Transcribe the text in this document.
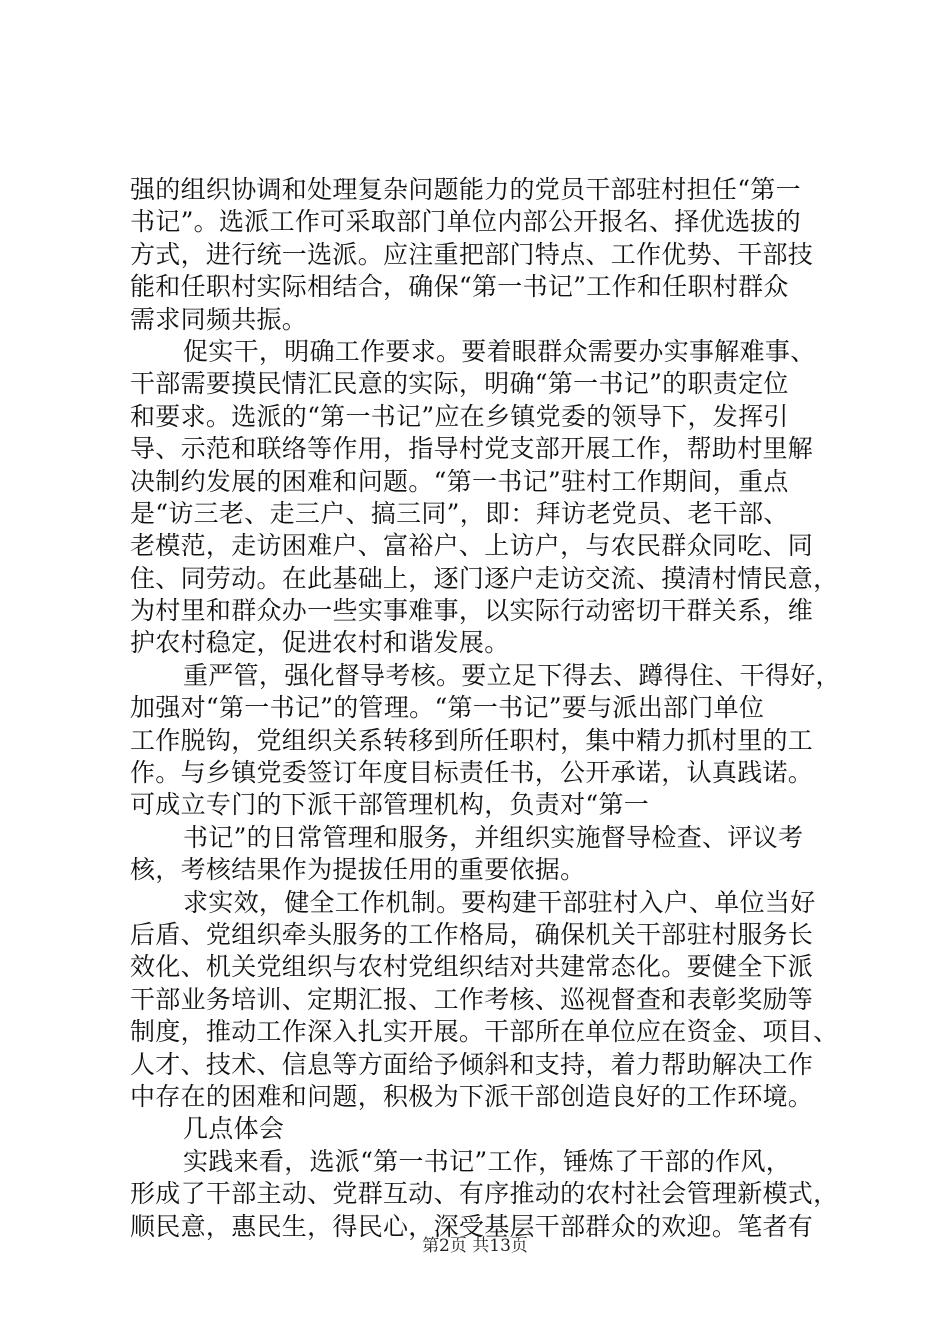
强的组织协调和处理复杂问题能力的党员干部驻村担任“第一
书记”。选派工作可采取部门单位内部公开报名、择优选拔的
方式，进行统一选派。应注重把部门特点、工作优势、干部技
能和任职村实际相结合，确保“第一书记”工作和任职村群众
需求同频共振。
促实干，明确工作要求。要着眼群众需要办实事解难事、
干部需要摸民情汇民意的实际，明确“第一书记”的职责定位
和要求。选派的“第一书记”应在乡镇党委的领导下，发挥引
导、示范和联络等作用，指导村党支部开展工作，帮助村里解
决制约发展的困难和问题。“第一书记”驻村工作期间，重点
是“访三老、走三户、搞三同”，即：拜访老党员、老干部、
老模范，走访困难户、富裕户、上访户，与农民群众同吃、同
住、同劳动。在此基础上，逐门逐户走访交流、摸清村情民意，
为村里和群众办一些实事难事，以实际行动密切干群关系，维
护农村稳定，促进农村和谐发展。
重严管，强化督导考核。要立足下得去、蹲得住、干得好，
加强对“第一书记”的管理。“第一书记”要与派出部门单位
工作脱钩，党组织关系转移到所任职村，集中精力抓村里的工
作。与乡镇党委签订年度目标责任书，公开承诺，认真践诺。
可成立专门的下派干部管理机构，负责对“第一
书记”的日常管理和服务，并组织实施督导检查、评议考
核，考核结果作为提拔任用的重要依据。
求实效，健全工作机制。要构建干部驻村入户、单位当好
后盾、党组织牵头服务的工作格局，确保机关干部驻村服务长
效化、机关党组织与农村党组织结对共建常态化。要健全下派
干部业务培训、定期汇报、工作考核、巡视督查和表彰奖励等
制度，推动工作深入扎实开展。干部所在单位应在资金、项目、
人才、技术、信息等方面给予倾斜和支持，着力帮助解决工作
中存在的困难和问题，积极为下派干部创造良好的工作环境。
几点体会
实践来看，选派“第一书记”工作，锤炼了干部的作风，
形成了干部主动、党群互动、有序推动的农村社会管理新模式，
顺民意，惠民生，得民心，深受基层干部群众的欢迎。笔者有
第2页 共13页
